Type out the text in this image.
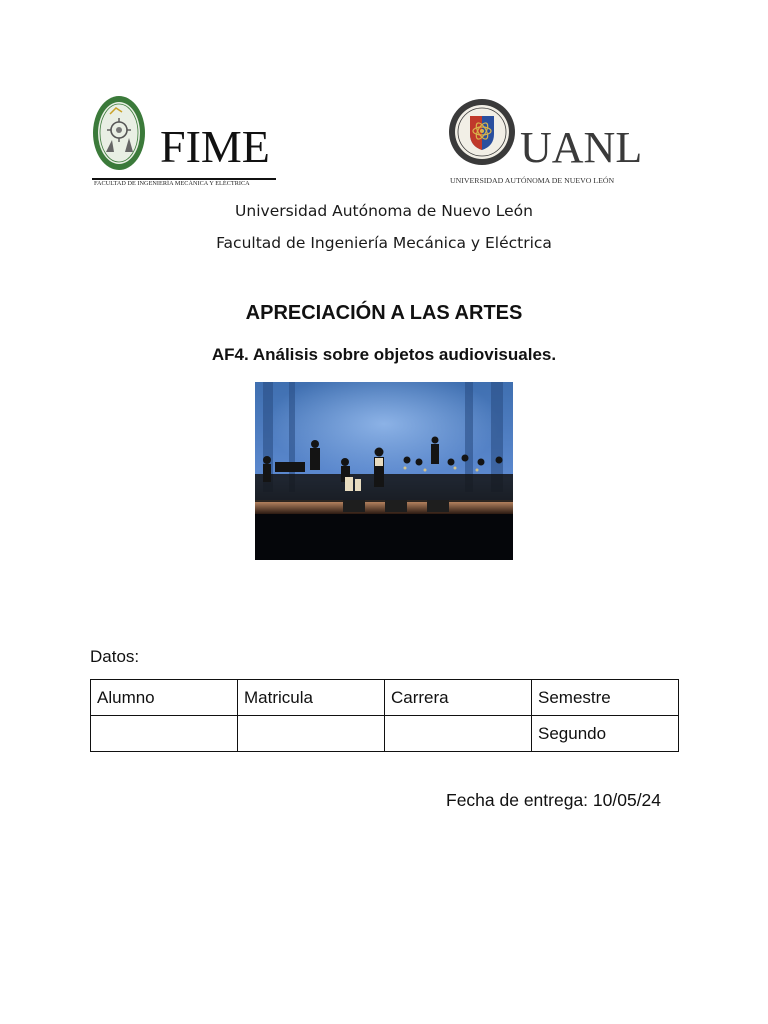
FIME
FACULTAD DE INGENIERÍA MECÁNICA Y ELÉCTRICA
UANL
UNIVERSIDAD AUTÓNOMA DE NUEVO LEÓN
Universidad Autónoma de Nuevo León
Facultad de Ingeniería Mecánica y Eléctrica
APRECIACIÓN A LAS ARTES
AF4. Análisis sobre objetos audiovisuales.
Datos:
Alumno	Matricula	Carrera	Semestre
			Segundo
Fecha de entrega: 10/05/24
